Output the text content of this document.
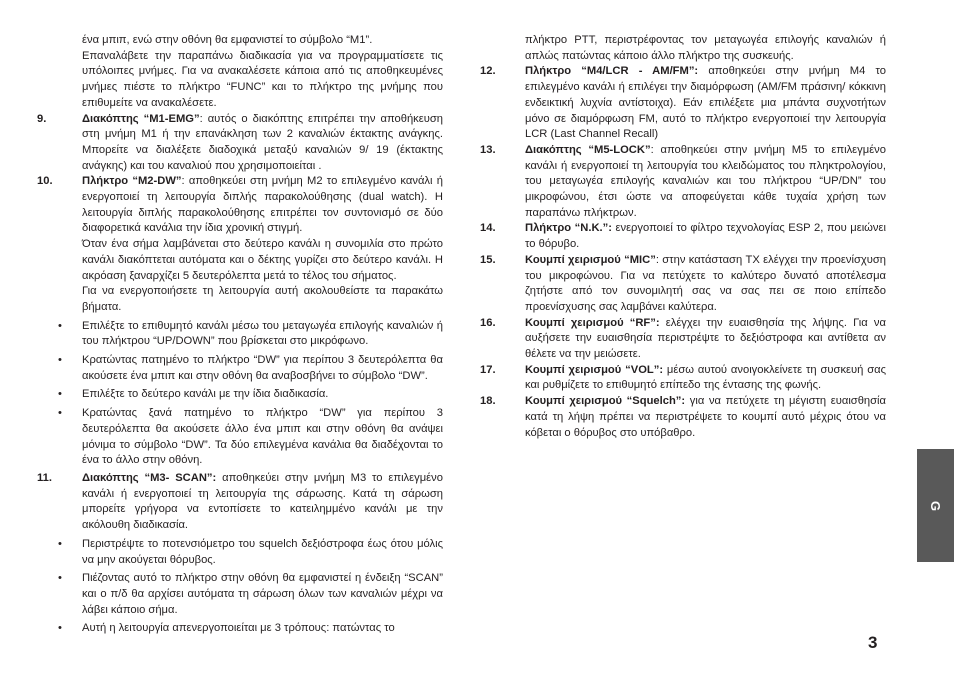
ένα μπιπ, ενώ στην οθόνη θα εμφανιστεί το σύμβολο “M1”.

Επαναλάβετε την παραπάνω διαδικασία για να προγραμματίσετε τις υπόλοιπες μνήμες. Για να ανακαλέσετε κάποια από τις αποθηκευμένες μνήμες πιέστε το πλήκτρο “FUNC” και το πλήκτρο της μνήμης που επιθυμείτε να ανακαλέσετε.

9.	Διακόπτης “M1-EMG”: αυτός ο διακόπτης επιτρέπει την αποθήκευση στη μνήμη M1 ή την επανάκληση των 2 καναλιών έκτακτης ανάγκης. Μπορείτε να διαλέξετε διαδοχικά μεταξύ καναλιών 9/ 19 (έκτακτης ανάγκης) και του καναλιού που χρησιμοποιείται .
10.	Πλήκτρο “M2-DW”: αποθηκεύει στη μνήμη M2 το επιλεγμένο κανάλι ή ενεργοποιεί τη λειτουργία διπλής παρακολούθησης (dual watch). Η λειτουργία διπλής παρακολούθησης επιτρέπει τον συντονισμό σε δύο διαφορετικά κανάλια την ίδια χρονική στιγμή.

Όταν ένα σήμα λαμβάνεται στο δεύτερο κανάλι η συνομιλία στο πρώτο κανάλι διακόπτεται αυτόματα και ο δέκτης γυρίζει στο δεύτερο κανάλι. Η ακρόαση ξαναρχίζει 5 δευτερόλεπτα μετά το τέλος του σήματος.

Για να ενεργοποιήσετε τη λειτουργία αυτή ακολουθείστε τα παρακάτω βήματα.

• Επιλέξτε το επιθυμητό κανάλι μέσω του μεταγωγέα επιλογής καναλιών ή του πλήκτρου “UP/DOWN” που βρίσκεται στο μικρόφωνο.
• Κρατώντας πατημένο το πλήκτρο “DW” για περίπου 3 δευτερόλεπτα θα ακούσετε ένα μπιπ και στην οθόνη θα αναβοσβήνει το σύμβολο “DW”.
• Επιλέξτε το δεύτερο κανάλι με την ίδια διαδικασία.
• Κρατώντας ξανά πατημένο το πλήκτρο “DW” για περίπου 3 δευτερόλεπτα θα ακούσετε άλλο ένα μπιπ και στην οθόνη θα ανάψει μόνιμα το σύμβολο “DW”. Τα δύο επιλεγμένα κανάλια θα διαδέχονται το ένα το άλλο στην οθόνη.
11.	Διακόπτης “M3- SCAN”: αποθηκεύει στην μνήμη M3 το επιλεγμένο κανάλι ή ενεργοποιεί τη λειτουργία της σάρωσης. Κατά τη σάρωση μπορείτε γρήγορα να εντοπίσετε το κατειλημμένο κανάλι με την ακόλουθη διαδικασία.
• Περιστρέψτε το ποτενσιόμετρο του squelch δεξιόστροφα έως ότου μόλις να μην ακούγεται θόρυβος.
• Πιέζοντας αυτό το πλήκτρο στην οθόνη θα εμφανιστεί η ένδειξη “SCAN” και ο π/δ θα αρχίσει αυτόματα τη σάρωση όλων των καναλιών μέχρι να λάβει κάποιο σήμα.
• Αυτή η λειτουργία απενεργοποιείται με 3 τρόπους: πατώντας το

πλήκτρο PTT, περιστρέφοντας τον μεταγωγέα επιλογής καναλιών ή απλώς πατώντας κάποιο άλλο πλήκτρο της συσκευής.

12.	Πλήκτρο “M4/LCR - AM/FM”: αποθηκεύει στην μνήμη M4 το επιλεγμένο κανάλι ή επιλέγει την διαμόρφωση (AM/FM πράσινη/ κόκκινη ενδεικτική λυχνία αντίστοιχα). Εάν επιλέξετε μια μπάντα συχνοτήτων μόνο σε διαμόρφωση FM, αυτό το πλήκτρο ενεργοποιεί την λειτουργία LCR (Last Channel Recall)
13.	Διακόπτης “M5-LOCK”: αποθηκεύει στην μνήμη M5 το επιλεγμένο κανάλι ή ενεργοποιεί τη λειτουργία του κλειδώματος του πληκτρολογίου, του μεταγωγέα επιλογής καναλιών και του πλήκτρου “UP/DN” του μικροφώνου, έτσι ώστε να αποφεύγεται κάθε τυχαία χρήση των παραπάνω πλήκτρων.
14.	Πλήκτρο “N.K.”: ενεργοποιεί το φίλτρο τεχνολογίας ESP 2, που μειώνει το θόρυβο.
15.	Κουμπί χειρισμού “MIC”: στην κατάσταση TX ελέγχει την προενίσχυση του μικροφώνου. Για να πετύχετε το καλύτερο δυνατό αποτέλεσμα ζητήστε από τον συνομιλητή σας να σας πει σε ποιο επίπεδο προενίσχυσης σας λαμβάνει καλύτερα.
16.	Κουμπί χειρισμού “RF”: ελέγχει την ευαισθησία της λήψης. Για να αυξήσετε την ευαισθησία περιστρέψτε το δεξιόστροφα και αντίθετα αν θέλετε να την μειώσετε.
17.	Κουμπί χειρισμού “VOL”: μέσω αυτού ανοιγοκλείνετε τη συσκευή σας και ρυθμίζετε το επιθυμητό επίπεδο της έντασης της φωνής.
18.	Κουμπί χειρισμού “Squelch”: για να πετύχετε τη μέγιστη ευαισθησία κατά τη λήψη πρέπει να περιστρέψετε το κουμπί αυτό μέχρις ότου να κόβεται ο θόρυβος στο υπόβαθρο.
G
3
